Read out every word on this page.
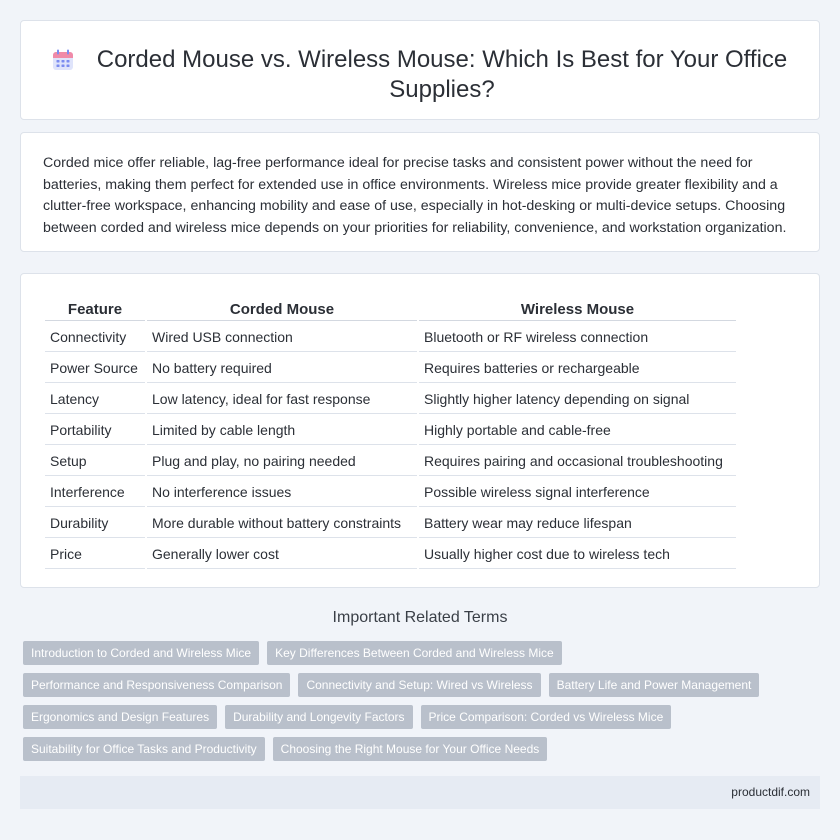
Corded Mouse vs. Wireless Mouse: Which Is Best for Your Office Supplies?

Corded mice offer reliable, lag-free performance ideal for precise tasks and consistent power without the need for batteries, making them perfect for extended use in office environments. Wireless mice provide greater flexibility and a clutter-free workspace, enhancing mobility and ease of use, especially in hot-desking or multi-device setups. Choosing between corded and wireless mice depends on your priorities for reliability, convenience, and workstation organization.

Feature	Corded Mouse	Wireless Mouse
Connectivity	Wired USB connection	Bluetooth or RF wireless connection
Power Source	No battery required	Requires batteries or rechargeable
Latency	Low latency, ideal for fast response	Slightly higher latency depending on signal
Portability	Limited by cable length	Highly portable and cable-free
Setup	Plug and play, no pairing needed	Requires pairing and occasional troubleshooting
Interference	No interference issues	Possible wireless signal interference
Durability	More durable without battery constraints	Battery wear may reduce lifespan
Price	Generally lower cost	Usually higher cost due to wireless tech
Important Related Terms
Introduction to Corded and Wireless Mice	Key Differences Between Corded and Wireless Mice
Performance and Responsiveness Comparison	Connectivity and Setup: Wired vs Wireless	Battery Life and Power Management
Ergonomics and Design Features	Durability and Longevity Factors	Price Comparison: Corded vs Wireless Mice
Suitability for Office Tasks and Productivity	Choosing the Right Mouse for Your Office Needs
productdif.com
